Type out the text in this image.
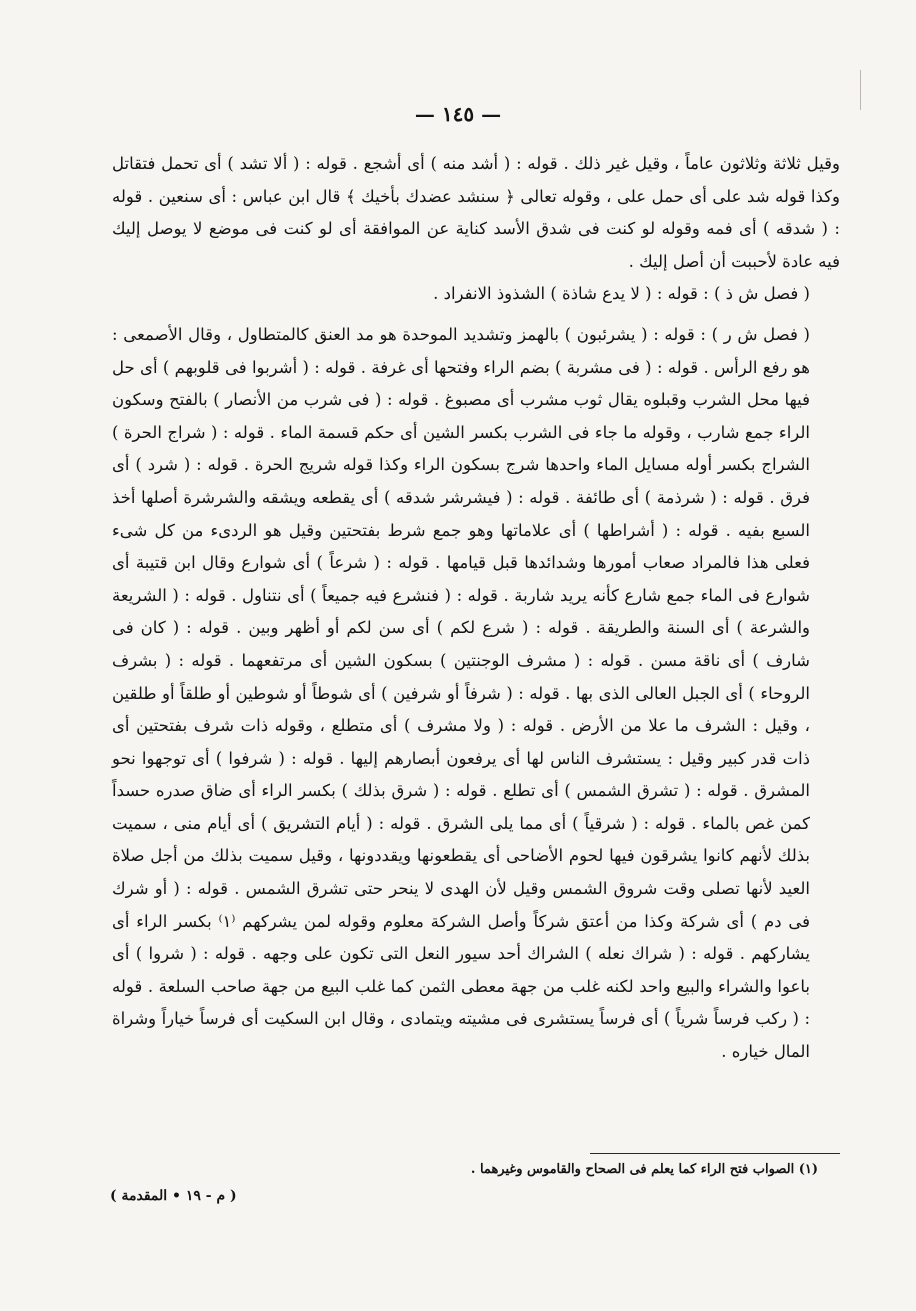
— ١٤٥ —

وقيل ثلاثة وثلاثون عاماً ، وقيل غير ذلك . قوله : ( أشد منه ) أى أشجع . قوله : ( ألا تشد ) أى تحمل فتقاتل وكذا قوله شد على أى حمل على ، وقوله تعالى ﴿ سنشد عضدك بأخيك ﴾ قال ابن عباس : أى سنعين . قوله : ( شدقه ) أى فمه وقوله لو كنت فى شدق الأسد كناية عن الموافقة أى لو كنت فى موضع لا يوصل إليك فيه عادة لأحببت أن أصل إليك .

( فصل ش ذ ) : قوله : ( لا يدع شاذة ) الشذوذ الانفراد .

( فصل ش ر ) : قوله : ( يشرئبون ) بالهمز وتشديد الموحدة هو مد العنق كالمتطاول ، وقال الأصمعى : هو رفع الرأس . قوله : ( فى مشربة ) بضم الراء وفتحها أى غرفة . قوله : ( أشربوا فى قلوبهم ) أى حل فيها محل الشرب وقبلوه يقال ثوب مشرب أى مصبوغ . قوله : ( فى شرب من الأنصار ) بالفتح وسكون الراء جمع شارب ، وقوله ما جاء فى الشرب بكسر الشين أى حكم قسمة الماء . قوله : ( شراج الحرة ) الشراج بكسر أوله مسايل الماء واحدها شرج بسكون الراء وكذا قوله شريج الحرة . قوله : ( شرد ) أى فرق . قوله : ( شرذمة ) أى طائفة . قوله : ( فيشرشر شدقه ) أى يقطعه ويشقه والشرشرة أصلها أخذ السبع بفيه . قوله : ( أشراطها ) أى علاماتها وهو جمع شرط بفتحتين وقيل هو الردىء من كل شىء فعلى هذا فالمراد صعاب أمورها وشدائدها قبل قيامها . قوله : ( شرعاً ) أى شوارع وقال ابن قتيبة أى شوارع فى الماء جمع شارع كأنه يريد شاربة . قوله : ( فنشرع فيه جميعاً ) أى نتناول . قوله : ( الشريعة والشرعة ) أى السنة والطريقة . قوله : ( شرع لكم ) أى سن لكم أو أظهر وبين . قوله : ( كان فى شارف ) أى ناقة مسن . قوله : ( مشرف الوجنتين ) بسكون الشين أى مرتفعهما . قوله : ( بشرف الروحاء ) أى الجبل العالى الذى بها . قوله : ( شرفاً أو شرفين ) أى شوطاً أو شوطين أو طلقاً أو طلقين ، وقيل : الشرف ما علا من الأرض . قوله : ( ولا مشرف ) أى متطلع ، وقوله ذات شرف بفتحتين أى ذات قدر كبير وقيل : يستشرف الناس لها أى يرفعون أبصارهم إليها . قوله : ( شرفوا ) أى توجهوا نحو المشرق . قوله : ( تشرق الشمس ) أى تطلع . قوله : ( شرق بذلك ) بكسر الراء أى ضاق صدره حسداً كمن غص بالماء . قوله : ( شرقياً ) أى مما يلى الشرق . قوله : ( أيام التشريق ) أى أيام منى ، سميت بذلك لأنهم كانوا يشرقون فيها لحوم الأضاحى أى يقطعونها ويقددونها ، وقيل سميت بذلك من أجل صلاة العيد لأنها تصلى وقت شروق الشمس وقيل لأن الهدى لا ينحر حتى تشرق الشمس . قوله : ( أو شرك فى دم ) أى شركة وكذا من أعتق شركاً وأصل الشركة معلوم وقوله لمن يشركهم ⁽١⁾ بكسر الراء أى يشاركهم . قوله : ( شراك نعله ) الشراك أحد سيور النعل التى تكون على وجهه . قوله : ( شروا ) أى باعوا والشراء والبيع واحد لكنه غلب من جهة معطى الثمن كما غلب البيع من جهة صاحب السلعة . قوله : ( ركب فرساً شرياً ) أى فرساً يستشرى فى مشيته ويتمادى ، وقال ابن السكيت أى فرساً خياراً وشراة المال خياره .

(١) الصواب فتح الراء كما يعلم فى الصحاح والقاموس وغيرهما .
( م - ١٩ • المقدمة )
